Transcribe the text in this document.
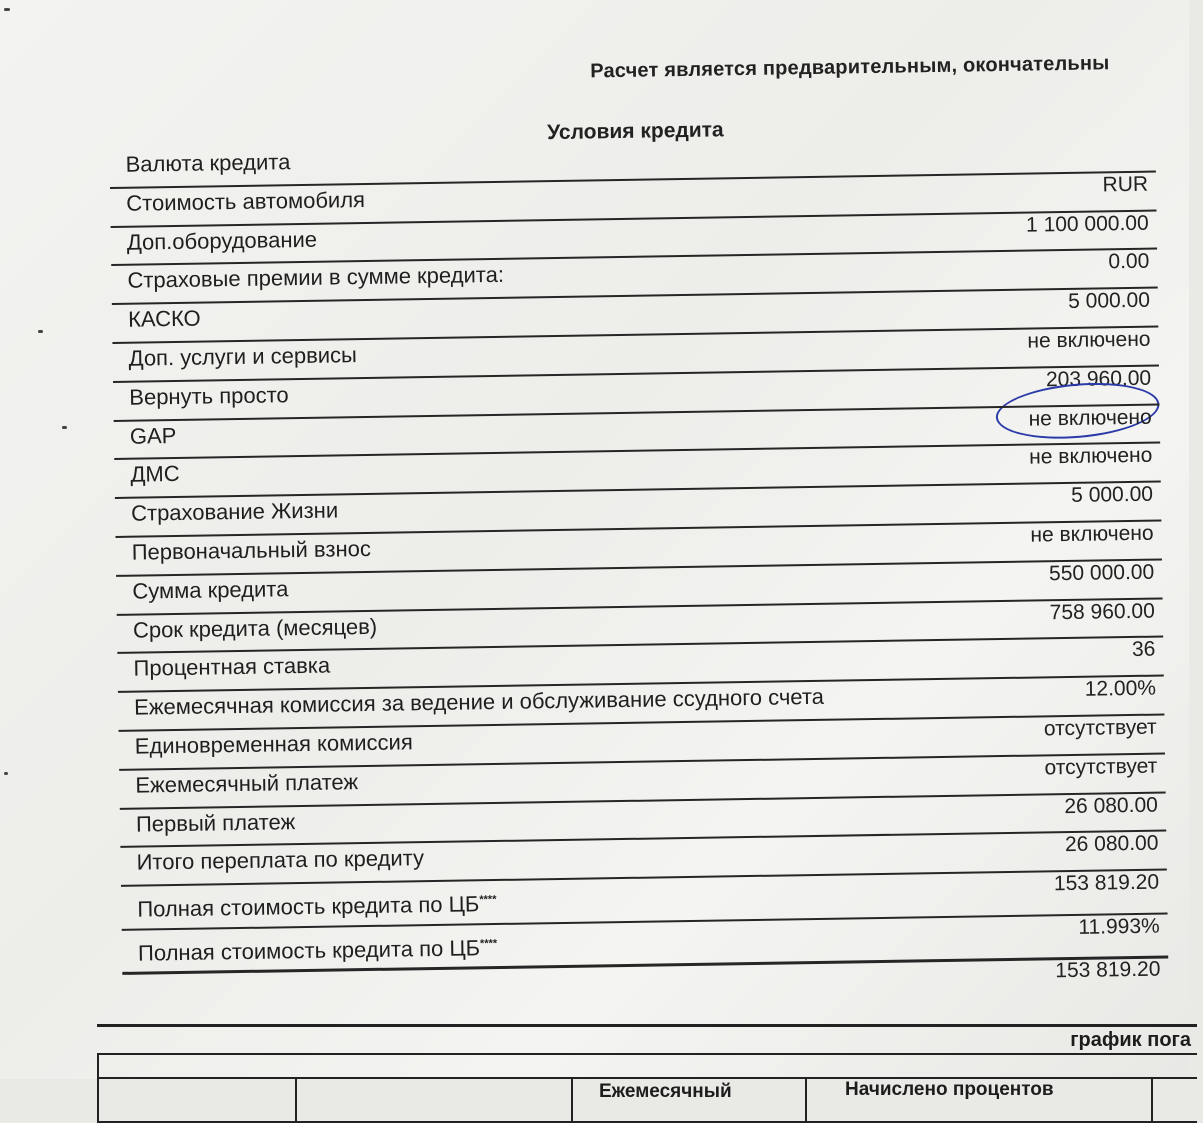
Расчет является предварительным, окончательны
Условия кредита
Валюта кредита
RUR
Стоимость автомобиля
1 100 000.00
Доп.оборудование
0.00
Страховые премии в сумме кредита:
5 000.00
КАСКО
не включено
Доп. услуги и сервисы
203 960.00
Вернуть просто
не включено
GAP
не включено
ДМС
5 000.00
Страхование Жизни
не включено
Первоначальный взнос
550 000.00
Сумма кредита
758 960.00
Срок кредита (месяцев)
36
Процентная ставка
12.00%
Ежемесячная комиссия за ведение и обслуживание ссудного счета
отсутствует
Единовременная комиссия
отсутствует
Ежемесячный платеж
26 080.00
Первый платеж
26 080.00
Итого переплата по кредиту
153 819.20
Полная стоимость кредита по ЦБ****
11.993%
Полная стоимость кредита по ЦБ****
153 819.20
график пога
Ежемесячный	Начислено процентов
